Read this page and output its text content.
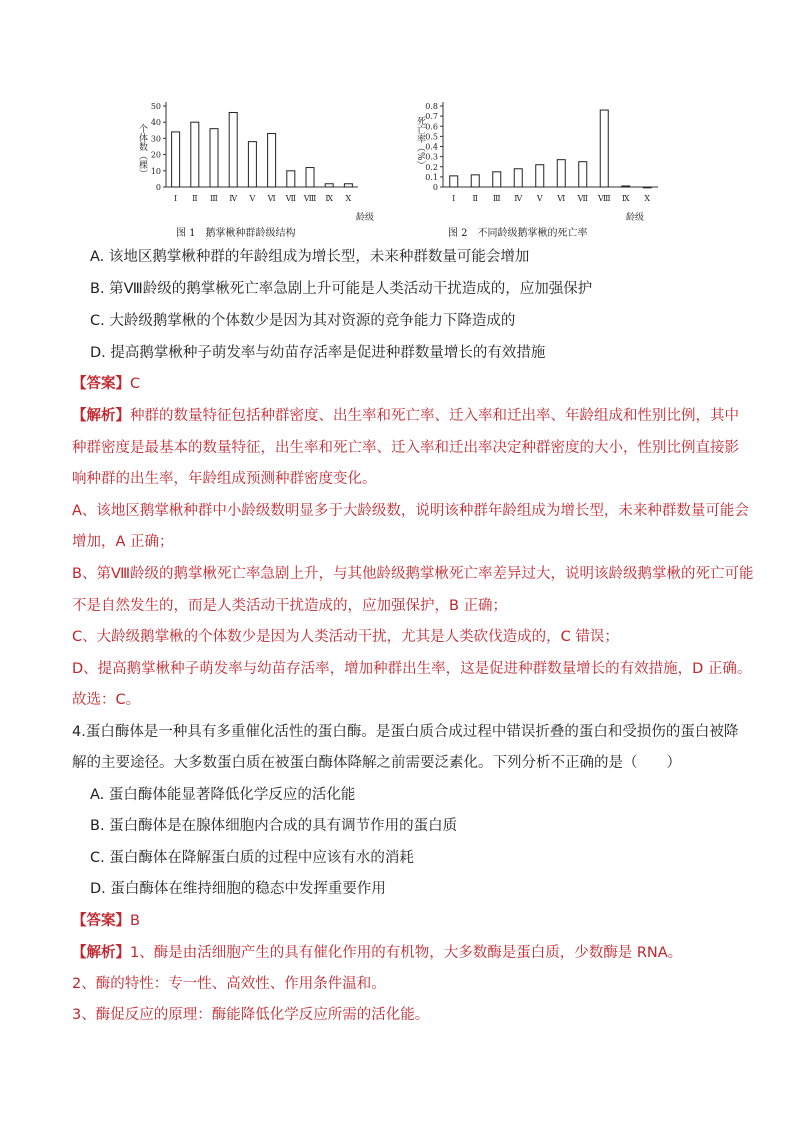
Ⅰ Ⅱ Ⅲ Ⅳ Ⅴ Ⅵ Ⅶ Ⅷ Ⅸ Ⅹ
0
10
20
30
40
50
个体数（棵）
龄级
图 1　鹅掌楸种群龄级结构
Ⅰ Ⅱ Ⅲ Ⅳ Ⅴ Ⅵ Ⅶ Ⅷ Ⅸ Ⅹ
0
0.1
0.2
0.3
0.4
0.5
0.6
0.7
0.8
死亡率（%）
龄级
图 2　不同龄级鹅掌楸的死亡率
A. 该地区鹅掌楸种群的年龄组成为增长型，未来种群数量可能会增加
B. 第Ⅷ龄级的鹅掌楸死亡率急剧上升可能是人类活动干扰造成的，应加强保护
C. 大龄级鹅掌楸的个体数少是因为其对资源的竞争能力下降造成的
D. 提高鹅掌楸种子萌发率与幼苗存活率是促进种群数量增长的有效措施
【答案】C
【解析】种群的数量特征包括种群密度、出生率和死亡率、迁入率和迁出率、年龄组成和性别比例，其中
种群密度是最基本的数量特征，出生率和死亡率、迁入率和迁出率决定种群密度的大小，性别比例直接影
响种群的出生率，年龄组成预测种群密度变化。
A、该地区鹅掌楸种群中小龄级数明显多于大龄级数，说明该种群年龄组成为增长型，未来种群数量可能会
增加，A 正确；
B、第Ⅷ龄级的鹅掌楸死亡率急剧上升，与其他龄级鹅掌楸死亡率差异过大，说明该龄级鹅掌楸的死亡可能
不是自然发生的，而是人类活动干扰造成的，应加强保护，B 正确；
C、大龄级鹅掌楸的个体数少是因为人类活动干扰，尤其是人类砍伐造成的，C 错误；
D、提高鹅掌楸种子萌发率与幼苗存活率，增加种群出生率，这是促进种群数量增长的有效措施，D 正确。
故选：C。
4.蛋白酶体是一种具有多重催化活性的蛋白酶。是蛋白质合成过程中错误折叠的蛋白和受损伤的蛋白被降
解的主要途径。大多数蛋白质在被蛋白酶体降解之前需要泛素化。下列分析不正确的是（　　）
A. 蛋白酶体能显著降低化学反应的活化能
B. 蛋白酶体是在腺体细胞内合成的具有调节作用的蛋白质
C. 蛋白酶体在降解蛋白质的过程中应该有水的消耗
D. 蛋白酶体在维持细胞的稳态中发挥重要作用
【答案】B
【解析】1、酶是由活细胞产生的具有催化作用的有机物，大多数酶是蛋白质，少数酶是 RNA。
2、酶的特性：专一性、高效性、作用条件温和。
3、酶促反应的原理：酶能降低化学反应所需的活化能。
